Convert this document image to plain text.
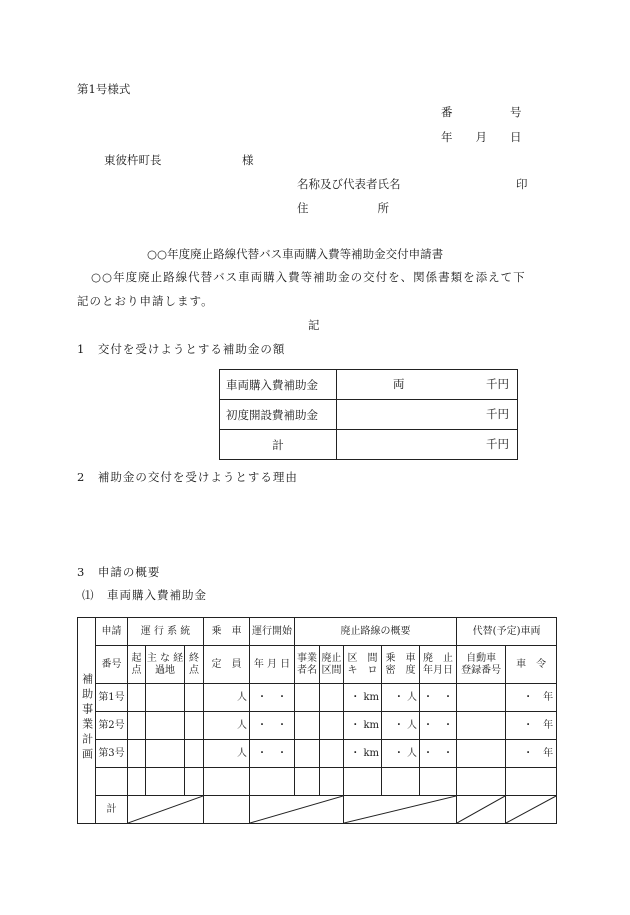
第1号様式
番　　　　　号
年　　月　　日
東彼杵町長　　　　　　　様
名称及び代表者氏名	印
住　　　　　　所
○○年度廃止路線代替バス車両購入費等補助金交付申請書
○○年度廃止路線代替バス車両購入費等補助金の交付を、関係書類を添えて下
記のとおり申請します。
記
1　交付を受けようとする補助金の額
車両購入費補助金	両 千円

初度開設費補助金	千円

計	千円
2　補助金の交付を受けようとする理由
3　申請の概要
⑴　車両購入費補助金
補助事業計画	申請	運 行 系 統			乗　車	運行開始	廃止路線の概要					代替(予定)車両	
	番号	起点	主 な 経過地	終点	定　員	年 月 日	事業者名	廃止区間	区　間 キ　ロ	乗　車 密　度	廃　止 年月日	自動車 登録番号	車　令
	第1号				人	・　・			・ km	・ 人	・　・		・　年
	第2号				人	・　・			・ km	・ 人	・　・		・　年
	第3号				人	・　・			・ km	・ 人	・　・		・　年

	計	
